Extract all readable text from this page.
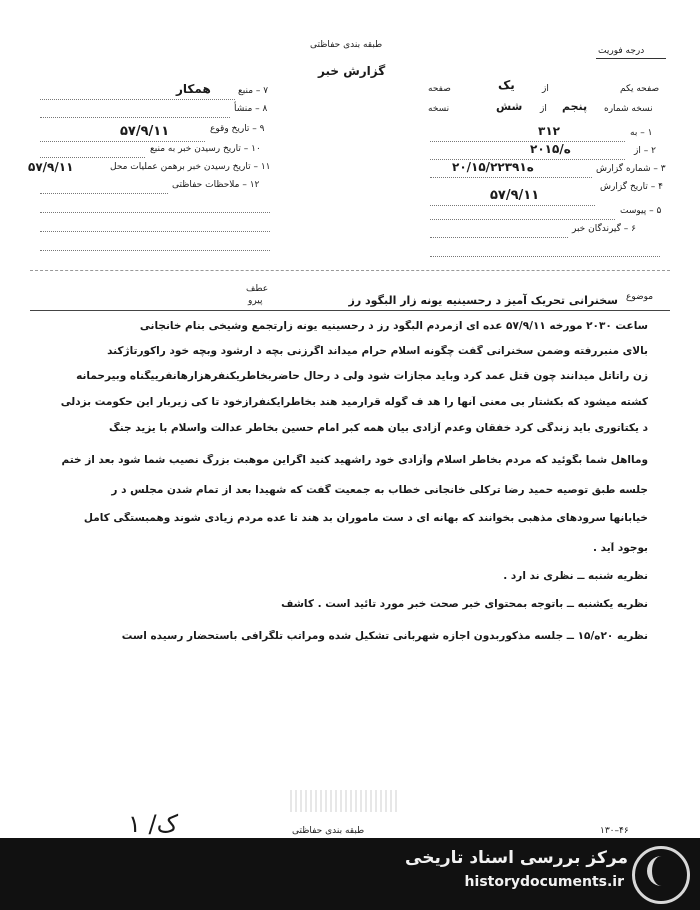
طبقه بندی حفاظتی
گزارش خبر
درجه فوریت
صفحه یکم
از
یک
صفحه
نسخه شماره
پنجم
از
شش
نسخه
۱ – به
۳۱۲
۲ – از
۲۰ه/۱۵
۳ – شماره گزارش
۲۰/۱۵/۲۲۳۹ه۱
۴ – تاریخ گزارش
۵۷/۹/۱۱
۵ – پیوست
۶ – گیرندگان خبر
۷ – منبع
همکار
۸ – منشأ
۹ – تاریخ وقوع
۵۷/۹/۱۱
۱۰ – تاریخ رسیدن خبر به منبع
۱۱ – تاریخ رسیدن خبر برهمن عملیات محل
۵۷/۹/۱۱
۱۲ – ملاحظات حفاظتی
عطف
پیرو	موضوع
سخنرانی تحریک آمیز د رحسینیه یونه زار البگود رز
ساعت ۲۰۳۰ مورخه ۵۷/۹/۱۱ عده ای ازمردم البگود رز د رحسینیه یونه زارتجمع وشیخی بنام خانجانی
بالای منبررفته وضمن سخنرانی گفت چگونه اسلام حرام میداند اگرزنی بچه د ارشود وبچه خود راکورتاژکند
زن راتاتل میدانند چون قتل عمد کرد وباید مجازات شود ولی د رحال حاضربخاطریکنفرهزارهانفرییگناه وبیرحمانه
کشته میشود که بکشتار بی معنی آنها را هد ف گوله قرارمید هند بخاطرایکنفرازخود تا کی زیربار این حکومت بزدلی
د یکتاتوری باید زندگی کرد خفقان وعدم آزادی بیان همه کبر امام حسین بخاطر عدالت واسلام با یزید جنگ
ومااهل شما بگوئید که مردم بخاطر اسلام وآزادی خود راشهید کنید اگراین موهبت بزرگ نصیب شما شود بعد از ختم
جلسه طبق توصیه حمید رضا ترکلی خانجانی خطاب به جمعیت گفت که شهیدا بعد از تمام شدن مجلس د ر
خیابانها سرودهای مذهبی بخوانند که بهانه ای د ست ماموران بد هند تا عده مردم زیادی شوند وهمبستگی کامل
بوجود آید .
نظریه شنبه ــ نظری ند ارد .
نظریه یکشنبه ــ باتوجه ‌بمحتوای خبر صحت خبر مورد تائید است . کاشف
نظریه ۲۰ه/۱۵ ــ جلسه مذکوربدون اجازه شهربانی تشکیل شده ومراتب تلگرافی باستحضار رسیده است
ک/ ۱	طبقه بندی حفاظتی	۱۳۰–۴۶
مرکز بررسی اسناد تاریخی
historydocuments.ir
